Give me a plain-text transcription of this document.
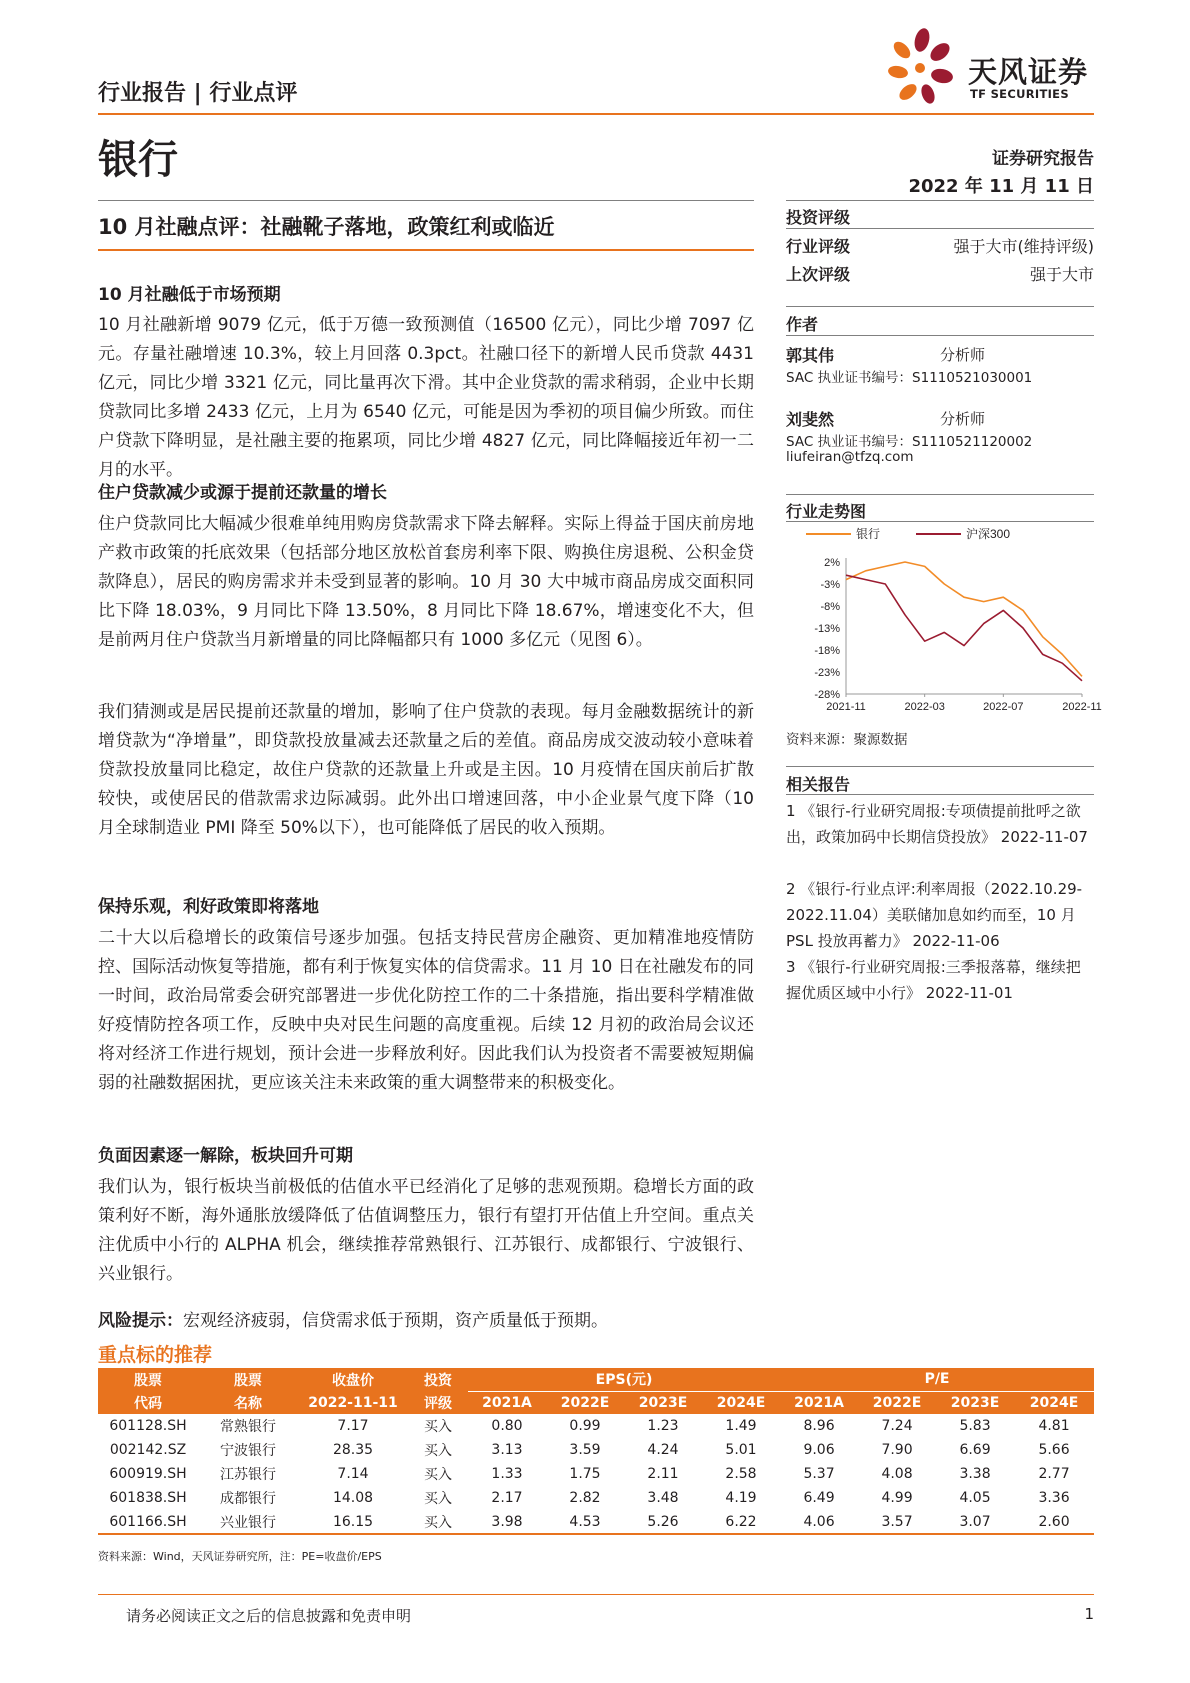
行业报告 | 行业点评
银行
天风证券
TF SECURITIES
证券研究报告
2022 年 11 月 11 日
10 月社融点评：社融靴子落地，政策红利或临近
10 月社融低于市场预期
10 月社融新增 9079 亿元，低于万德一致预测值（16500 亿元），同比少增 7097 亿元。存量社融增速 10.3%，较上月回落 0.3pct。社融口径下的新增人民币贷款 4431 亿元，同比少增 3321 亿元，同比量再次下滑。其中企业贷款的需求稍弱，企业中长期贷款同比多增 2433 亿元，上月为 6540 亿元，可能是因为季初的项目偏少所致。而住户贷款下降明显，是社融主要的拖累项，同比少增 4827 亿元，同比降幅接近年初一二月的水平。
住户贷款减少或源于提前还款量的增长
住户贷款同比大幅减少很难单纯用购房贷款需求下降去解释。实际上得益于国庆前房地产救市政策的托底效果（包括部分地区放松首套房利率下限、购换住房退税、公积金贷款降息），居民的购房需求并未受到显著的影响。10 月 30 大中城市商品房成交面积同比下降 18.03%，9 月同比下降 13.50%，8 月同比下降 18.67%，增速变化不大，但是前两月住户贷款当月新增量的同比降幅都只有 1000 多亿元（见图 6）。
我们猜测或是居民提前还款量的增加，影响了住户贷款的表现。每月金融数据统计的新增贷款为“净增量”，即贷款投放量减去还款量之后的差值。商品房成交波动较小意味着贷款投放量同比稳定，故住户贷款的还款量上升或是主因。10 月疫情在国庆前后扩散较快，或使居民的借款需求边际减弱。此外出口增速回落，中小企业景气度下降（10 月全球制造业 PMI 降至 50%以下），也可能降低了居民的收入预期。
保持乐观，利好政策即将落地
二十大以后稳增长的政策信号逐步加强。包括支持民营房企融资、更加精准地疫情防控、国际活动恢复等措施，都有利于恢复实体的信贷需求。11 月 10 日在社融发布的同一时间，政治局常委会研究部署进一步优化防控工作的二十条措施，指出要科学精准做好疫情防控各项工作，反映中央对民生问题的高度重视。后续 12 月初的政治局会议还将对经济工作进行规划，预计会进一步释放利好。因此我们认为投资者不需要被短期偏弱的社融数据困扰，更应该关注未来政策的重大调整带来的积极变化。
负面因素逐一解除，板块回升可期
我们认为，银行板块当前极低的估值水平已经消化了足够的悲观预期。稳增长方面的政策利好不断，海外通胀放缓降低了估值调整压力，银行有望打开估值上升空间。重点关注优质中小行的 ALPHA 机会，继续推荐常熟银行、江苏银行、成都银行、宁波银行、兴业银行。
风险提示：宏观经济疲弱，信贷需求低于预期，资产质量低于预期。
投资评级
行业评级	强于大市(维持评级)
上次评级	强于大市
作者
郭其伟	分析师
SAC 执业证书编号：S1110521030001
刘斐然	分析师
SAC 执业证书编号：S1110521120002
liufeiran@tfzq.com
行业走势图
2%
-3%
-8%
-13%
-18%
-23%
-28%
2021-11	2022-03	2022-07	2022-11
银行	沪深300
资料来源：聚源数据
相关报告
1 《银行-行业研究周报:专项债提前批呼之欲出，政策加码中长期信贷投放》 2022-11-07
2 《银行-行业点评:利率周报（2022.10.29-2022.11.04）美联储加息如约而至，10 月 PSL 投放再蓄力》 2022-11-06
3 《银行-行业研究周报:三季报落幕，继续把握优质区域中小行》 2022-11-01
重点标的推荐
股票	股票	收盘价	投资	EPS(元)				P/E			
代码	名称	2022-11-11	评级	2021A	2022E	2023E	2024E	2021A	2022E	2023E	2024E
601128.SH	常熟银行	7.17	买入	0.80	0.99	1.23	1.49	8.96	7.24	5.83	4.81
002142.SZ	宁波银行	28.35	买入	3.13	3.59	4.24	5.01	9.06	7.90	6.69	5.66
600919.SH	江苏银行	7.14	买入	1.33	1.75	2.11	2.58	5.37	4.08	3.38	2.77
601838.SH	成都银行	14.08	买入	2.17	2.82	3.48	4.19	6.49	4.99	4.05	3.36
601166.SH	兴业银行	16.15	买入	3.98	4.53	5.26	6.22	4.06	3.57	3.07	2.60
资料来源：Wind，天风证券研究所，注：PE=收盘价/EPS
请务必阅读正文之后的信息披露和免责申明	1
